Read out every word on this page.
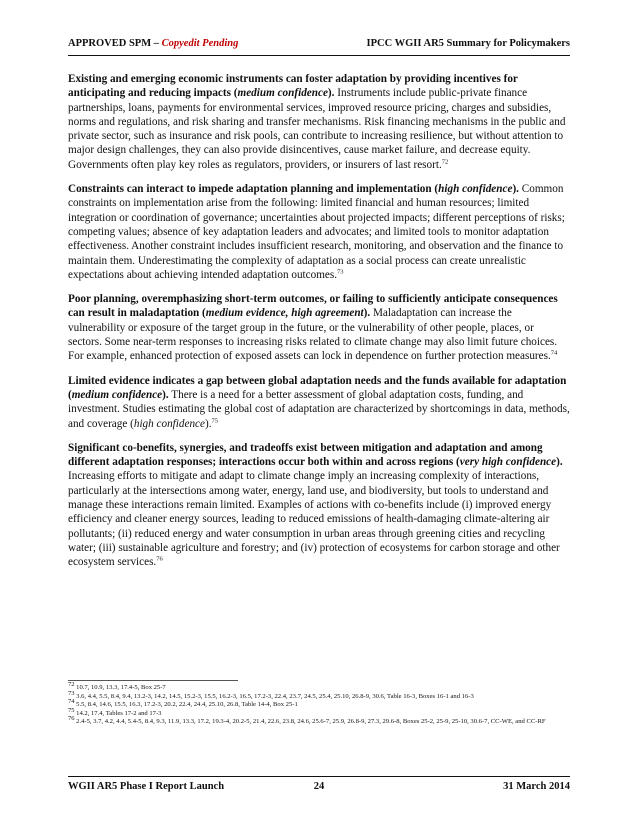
APPROVED SPM – Copyedit Pending	IPCC WGII AR5 Summary for Policymakers

Existing and emerging economic instruments can foster adaptation by providing incentives for anticipating and reducing impacts (medium confidence). Instruments include public-private finance partnerships, loans, payments for environmental services, improved resource pricing, charges and subsidies, norms and regulations, and risk sharing and transfer mechanisms. Risk financing mechanisms in the public and private sector, such as insurance and risk pools, can contribute to increasing resilience, but without attention to major design challenges, they can also provide disincentives, cause market failure, and decrease equity. Governments often play key roles as regulators, providers, or insurers of last resort.$^{72}$

Constraints can interact to impede adaptation planning and implementation (high confidence). Common constraints on implementation arise from the following: limited financial and human resources; limited integration or coordination of governance; uncertainties about projected impacts; different perceptions of risks; competing values; absence of key adaptation leaders and advocates; and limited tools to monitor adaptation effectiveness. Another constraint includes insufficient research, monitoring, and observation and the finance to maintain them. Underestimating the complexity of adaptation as a social process can create unrealistic expectations about achieving intended adaptation outcomes.$^{73}$

Poor planning, overemphasizing short-term outcomes, or failing to sufficiently anticipate consequences can result in maladaptation (medium evidence, high agreement). Maladaptation can increase the vulnerability or exposure of the target group in the future, or the vulnerability of other people, places, or sectors. Some near-term responses to increasing risks related to climate change may also limit future choices. For example, enhanced protection of exposed assets can lock in dependence on further protection measures.$^{74}$

Limited evidence indicates a gap between global adaptation needs and the funds available for adaptation (medium confidence). There is a need for a better assessment of global adaptation costs, funding, and investment. Studies estimating the global cost of adaptation are characterized by shortcomings in data, methods, and coverage (high confidence).$^{75}$

Significant co-benefits, synergies, and tradeoffs exist between mitigation and adaptation and among different adaptation responses; interactions occur both within and across regions (very high confidence). Increasing efforts to mitigate and adapt to climate change imply an increasing complexity of interactions, particularly at the intersections among water, energy, land use, and biodiversity, but tools to understand and manage these interactions remain limited. Examples of actions with co-benefits include (i) improved energy efficiency and cleaner energy sources, leading to reduced emissions of health-damaging climate-altering air pollutants; (ii) reduced energy and water consumption in urban areas through greening cities and recycling water; (iii) sustainable agriculture and forestry; and (iv) protection of ecosystems for carbon storage and other ecosystem services.$^{76}$

$^{72}$ 10.7, 10.9, 13.3, 17.4-5, Box 25-7

$^{73}$ 3.6, 4.4, 5.5, 8.4, 9.4, 13.2-3, 14.2, 14.5, 15.2-3, 15.5, 16.2-3, 16.5, 17.2-3, 22.4, 23.7, 24.5, 25.4, 25.10, 26.8-9, 30.6, Table 16-3, Boxes 16-1 and 16-3

$^{74}$ 5.5, 8.4, 14.6, 15.5, 16.3, 17.2-3, 20.2, 22.4, 24.4, 25.10, 26.8, Table 14-4, Box 25-1

$^{75}$ 14.2, 17.4, Tables 17-2 and 17-3

$^{76}$ 2.4-5, 3.7, 4.2, 4.4, 5.4-5, 8.4, 9.3, 11.9, 13.3, 17.2, 19.3-4, 20.2-5, 21.4, 22.6, 23.8, 24.6, 25.6-7, 25.9, 26.8-9, 27.3, 29.6-8, Boxes 25-2, 25-9, 25-10, 30.6-7, CC-WE, and CC-RF

WGII AR5 Phase I Report Launch	24	31 March 2014
